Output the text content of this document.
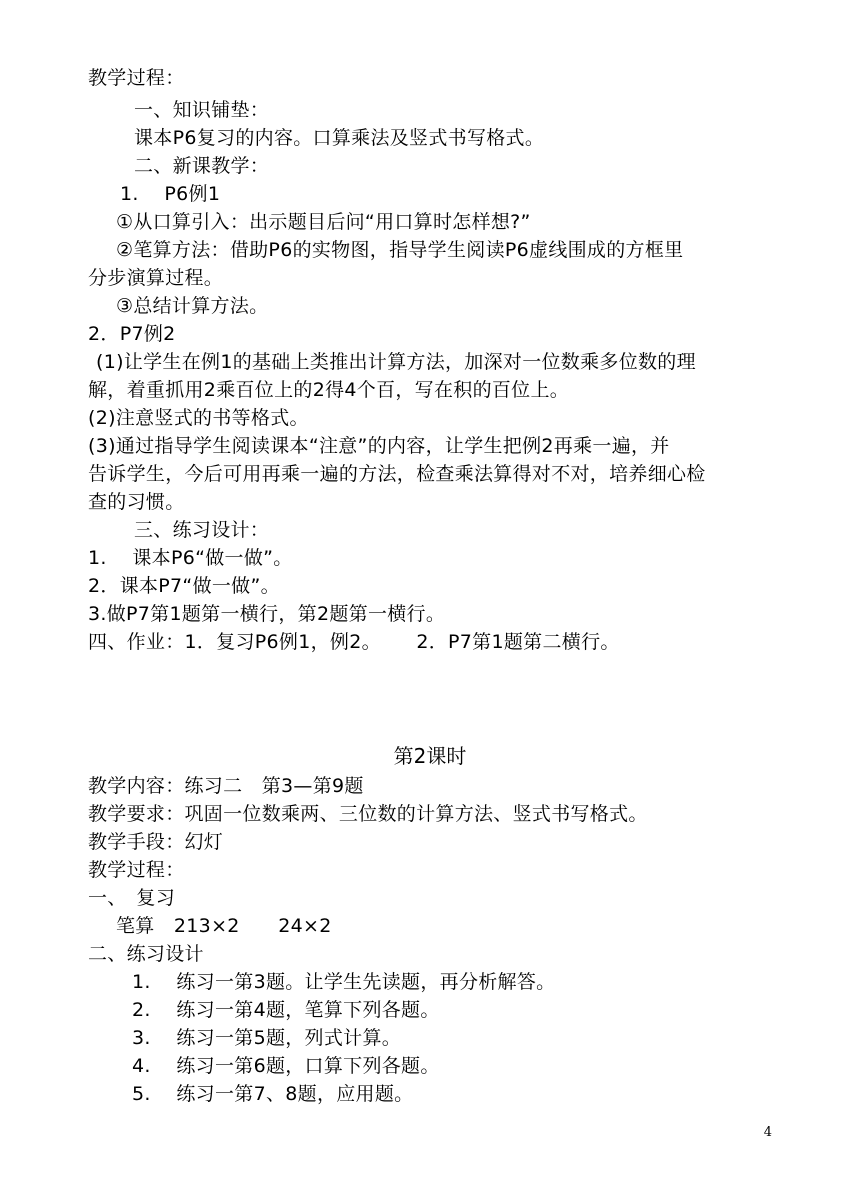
教学过程：
一、知识铺垫：
课本P6复习的内容。口算乘法及竖式书写格式。
二、新课教学：
1.　 P6例1
①从口算引入：出示题目后问“用口算时怎样想?”
②笔算方法：借助P6的实物图，指导学生阅读P6虚线围成的方框里
分步演算过程。
③总结计算方法。
2．P7例2
(1)让学生在例1的基础上类推出计算方法，加深对一位数乘多位数的理
解，着重抓用2乘百位上的2得4个百，写在积的百位上。
(2)注意竖式的书等格式。
(3)通过指导学生阅读课本“注意”的内容，让学生把例2再乘一遍，并
告诉学生，今后可用再乘一遍的方法，检查乘法算得对不对，培养细心检
查的习惯。
三、练习设计：
1.　 课本P6“做一做”。
2．课本P7“做一做”。
3.做P7第1题第一横行，第2题第一横行。
四、作业：1．复习P6例1，例2。　　 2．P7第1题第二横行。
第2课时
教学内容：练习二　第3—第9题
教学要求：巩固一位数乘两、三位数的计算方法、竖式书写格式。
教学手段：幻灯
教学过程：
一、　复习
笔算　213×2　　24×2
二、练习设计
1.　 练习一第3题。让学生先读题，再分析解答。
2.　 练习一第4题，笔算下列各题。
3.　 练习一第5题，列式计算。
4.　 练习一第6题，口算下列各题。
5.　 练习一第7、8题，应用题。
4
